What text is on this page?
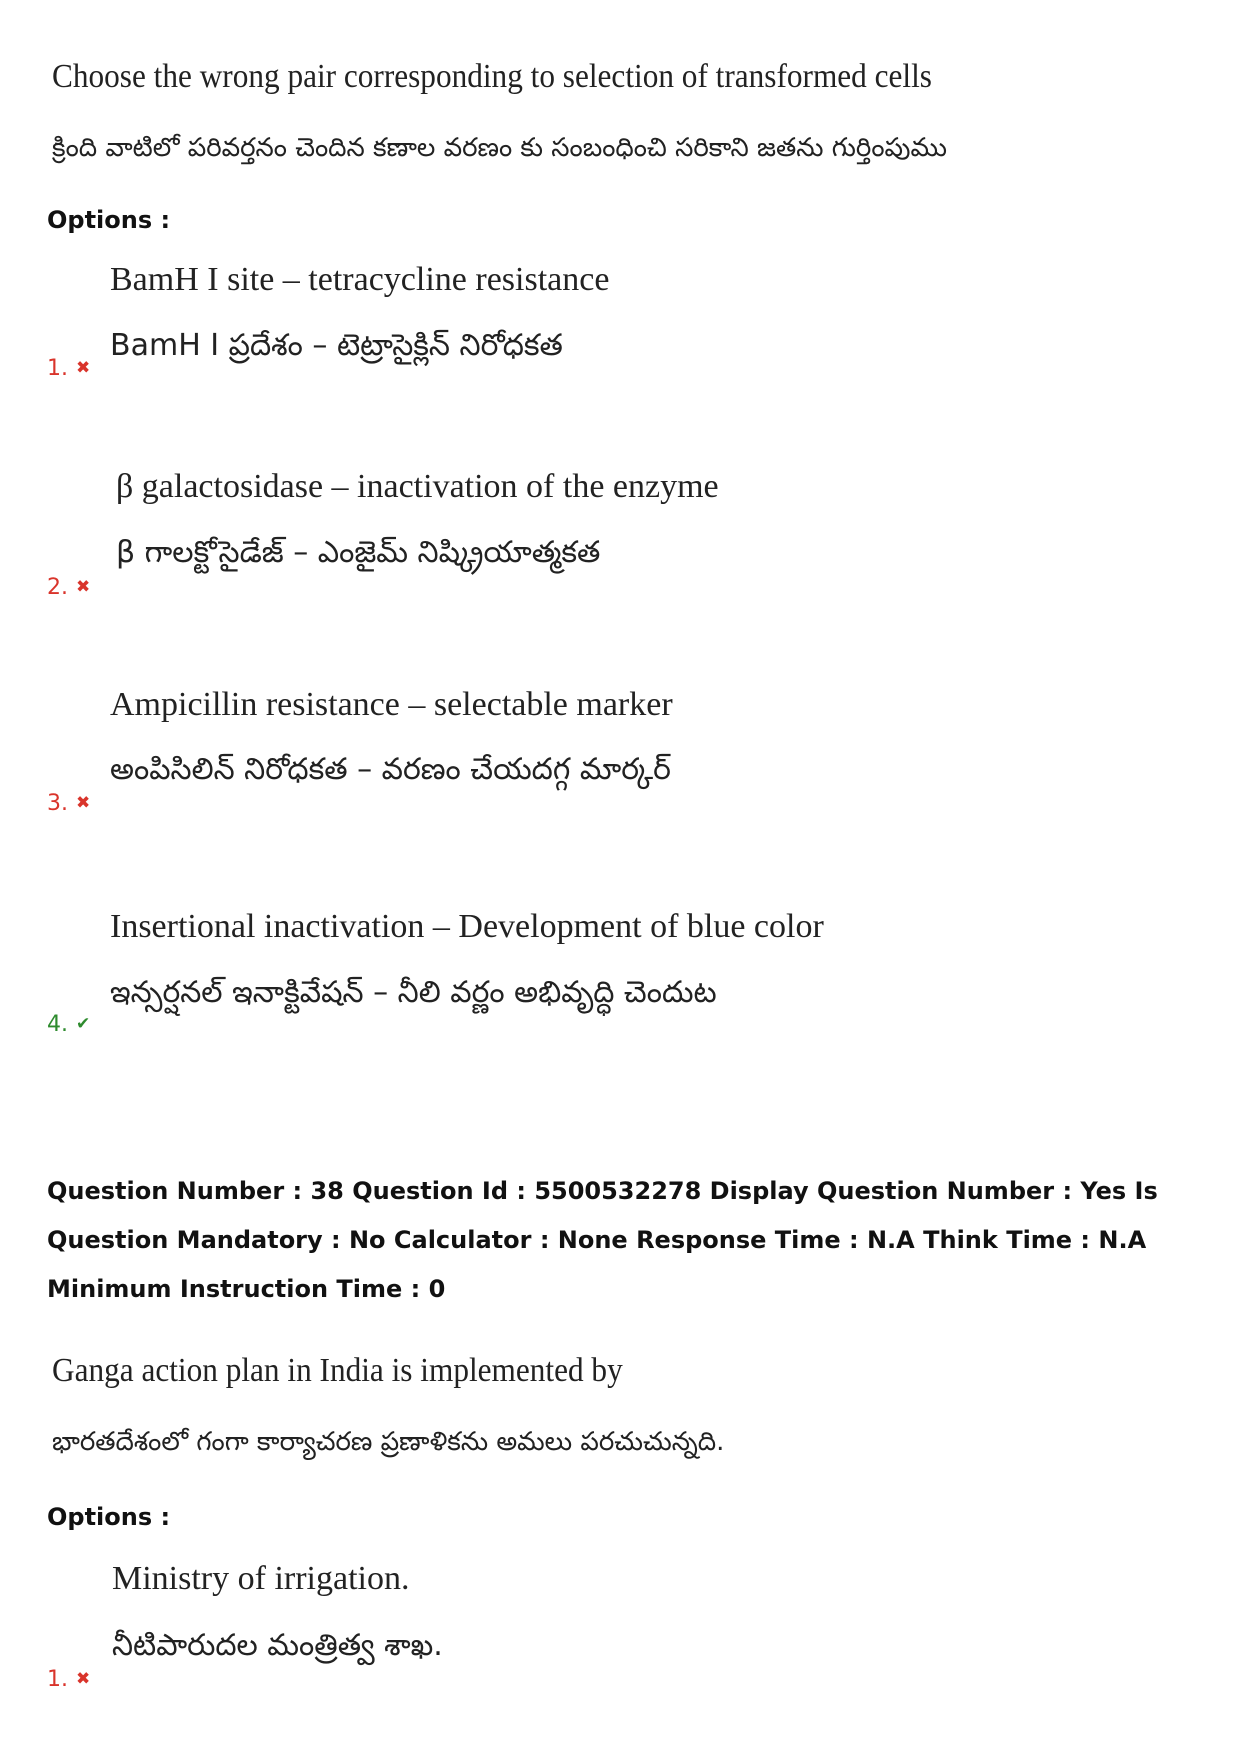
Choose the wrong pair corresponding to selection of transformed cells
క్రింది వాటిలో పరివర్తనం చెందిన కణాల వరణం కు సంబంధించి సరికాని జతను గుర్తింపుము
Options :
BamH I site – tetracycline resistance
BamH I ప్రదేశం – టెట్రాసైక్లిన్ నిరోధకత
1. ✖
β galactosidase – inactivation of the enzyme
β గాలక్టోసైడేజ్ – ఎంజైమ్ నిష్క్రియాత్మకత
2. ✖
Ampicillin resistance – selectable marker
అంపిసిలిన్ నిరోధకత – వరణం చేయదగ్గ మార్కర్
3. ✖
Insertional inactivation – Development of blue color
ఇన్సర్షనల్ ఇనాక్టివేషన్ – నీలి వర్ణం అభివృద్ధి చెందుట
4. ✔
Question Number : 38 Question Id : 5500532278 Display Question Number : Yes Is Question Mandatory : No Calculator : None Response Time : N.A Think Time : N.A Minimum Instruction Time : 0
Ganga action plan in India is implemented by
భారతదేశంలో గంగా కార్యాచరణ ప్రణాళికను అమలు పరచుచున్నది.
Options :
Ministry of irrigation.
నీటిపారుదల మంత్రిత్వ శాఖ.
1. ✖
